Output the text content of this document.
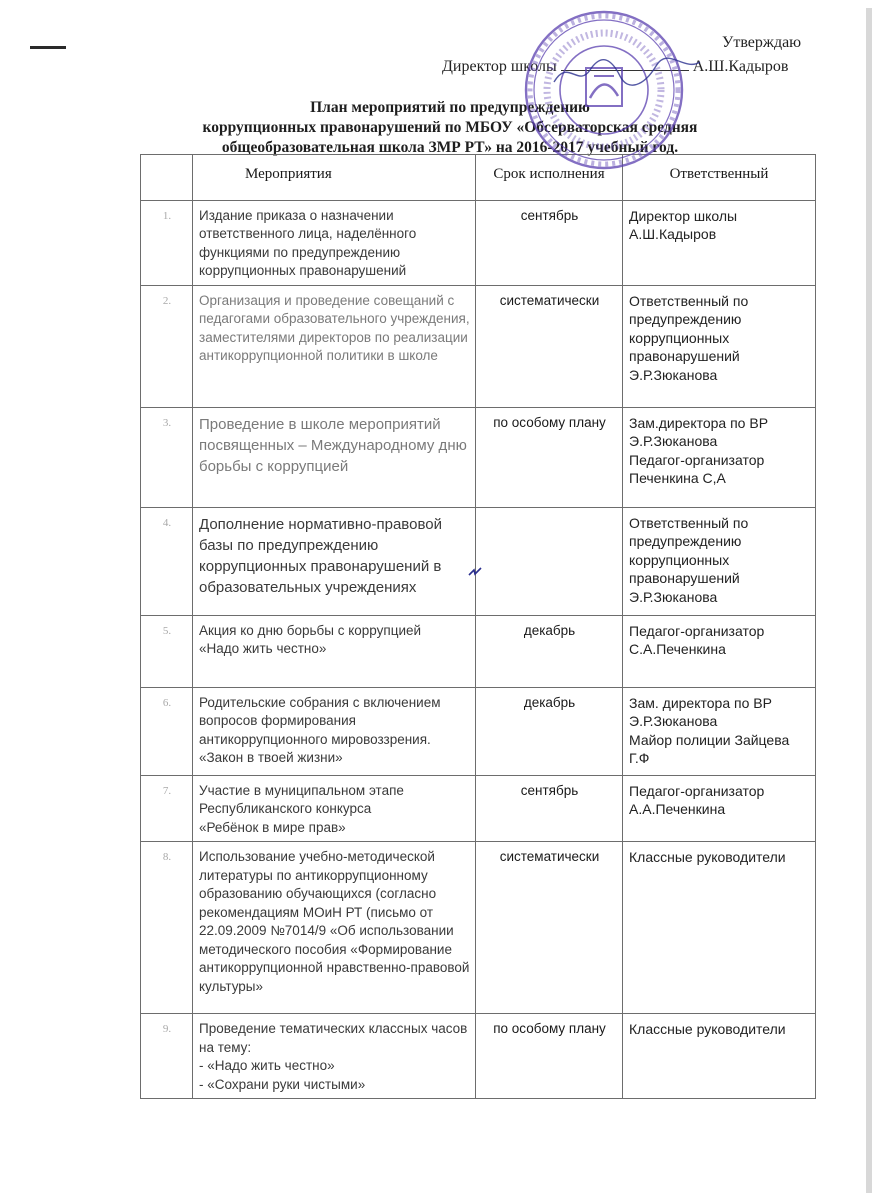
Утверждаю
Директор школы	А.Ш.Кадыров
План мероприятий по предупреждению
коррупционных правонарушений по МБОУ «Обсерваторская средняя
общеобразовательная школа ЗМР РТ» на 2016-2017 учебный год.
	Мероприятия	Срок исполнения	Ответственный
1.	Издание приказа о назначении ответственного лица, наделённого функциями по предупреждению коррупционных правонарушений	сентябрь	Директор школы
А.Ш.Кадыров

2.	Организация и проведение совещаний с педагогами образовательного учреждения, заместителями директоров по реализации антикоррупционной политики в школе	систематически	Ответственный по предупреждению коррупционных правонарушений
Э.Р.Зюканова

3.	Проведение в школе мероприятий посвященных – Международному дню борьбы с коррупцией	по особому плану	Зам.директора по ВР
Э.Р.Зюканова
Педагог-организатор
Печенкина С,А

4.	Дополнение нормативно-правовой базы по предупреждению коррупционных правонарушений в образовательных учреждениях		Ответственный по предупреждению коррупционных правонарушений
Э.Р.Зюканова

5.	Акция ко дню борьбы с коррупцией
«Надо жить честно»	декабрь	Педагог-организатор
С.А.Печенкина

6.	Родительские собрания с включением вопросов формирования антикоррупционного мировоззрения.
«Закон в твоей жизни»	декабрь	Зам. директора по ВР
Э.Р.Зюканова
Майор полиции Зайцева Г.Ф

7.	Участие в муниципальном этапе Республиканского конкурса
«Ребёнок в мире прав»	сентябрь	Педагог-организатор
А.А.Печенкина

8.	Использование учебно-методической литературы по антикоррупционному образованию обучающихся (согласно рекомендациям МОиН РТ (письмо от 22.09.2009 №7014/9 «Об использовании методического пособия «Формирование антикоррупционной нравственно-правовой культуры»	систематически	Классные руководители

9.	Проведение тематических классных часов на тему:
- «Надо жить честно»
- «Сохрани руки чистыми»	по особому плану	Классные руководители
